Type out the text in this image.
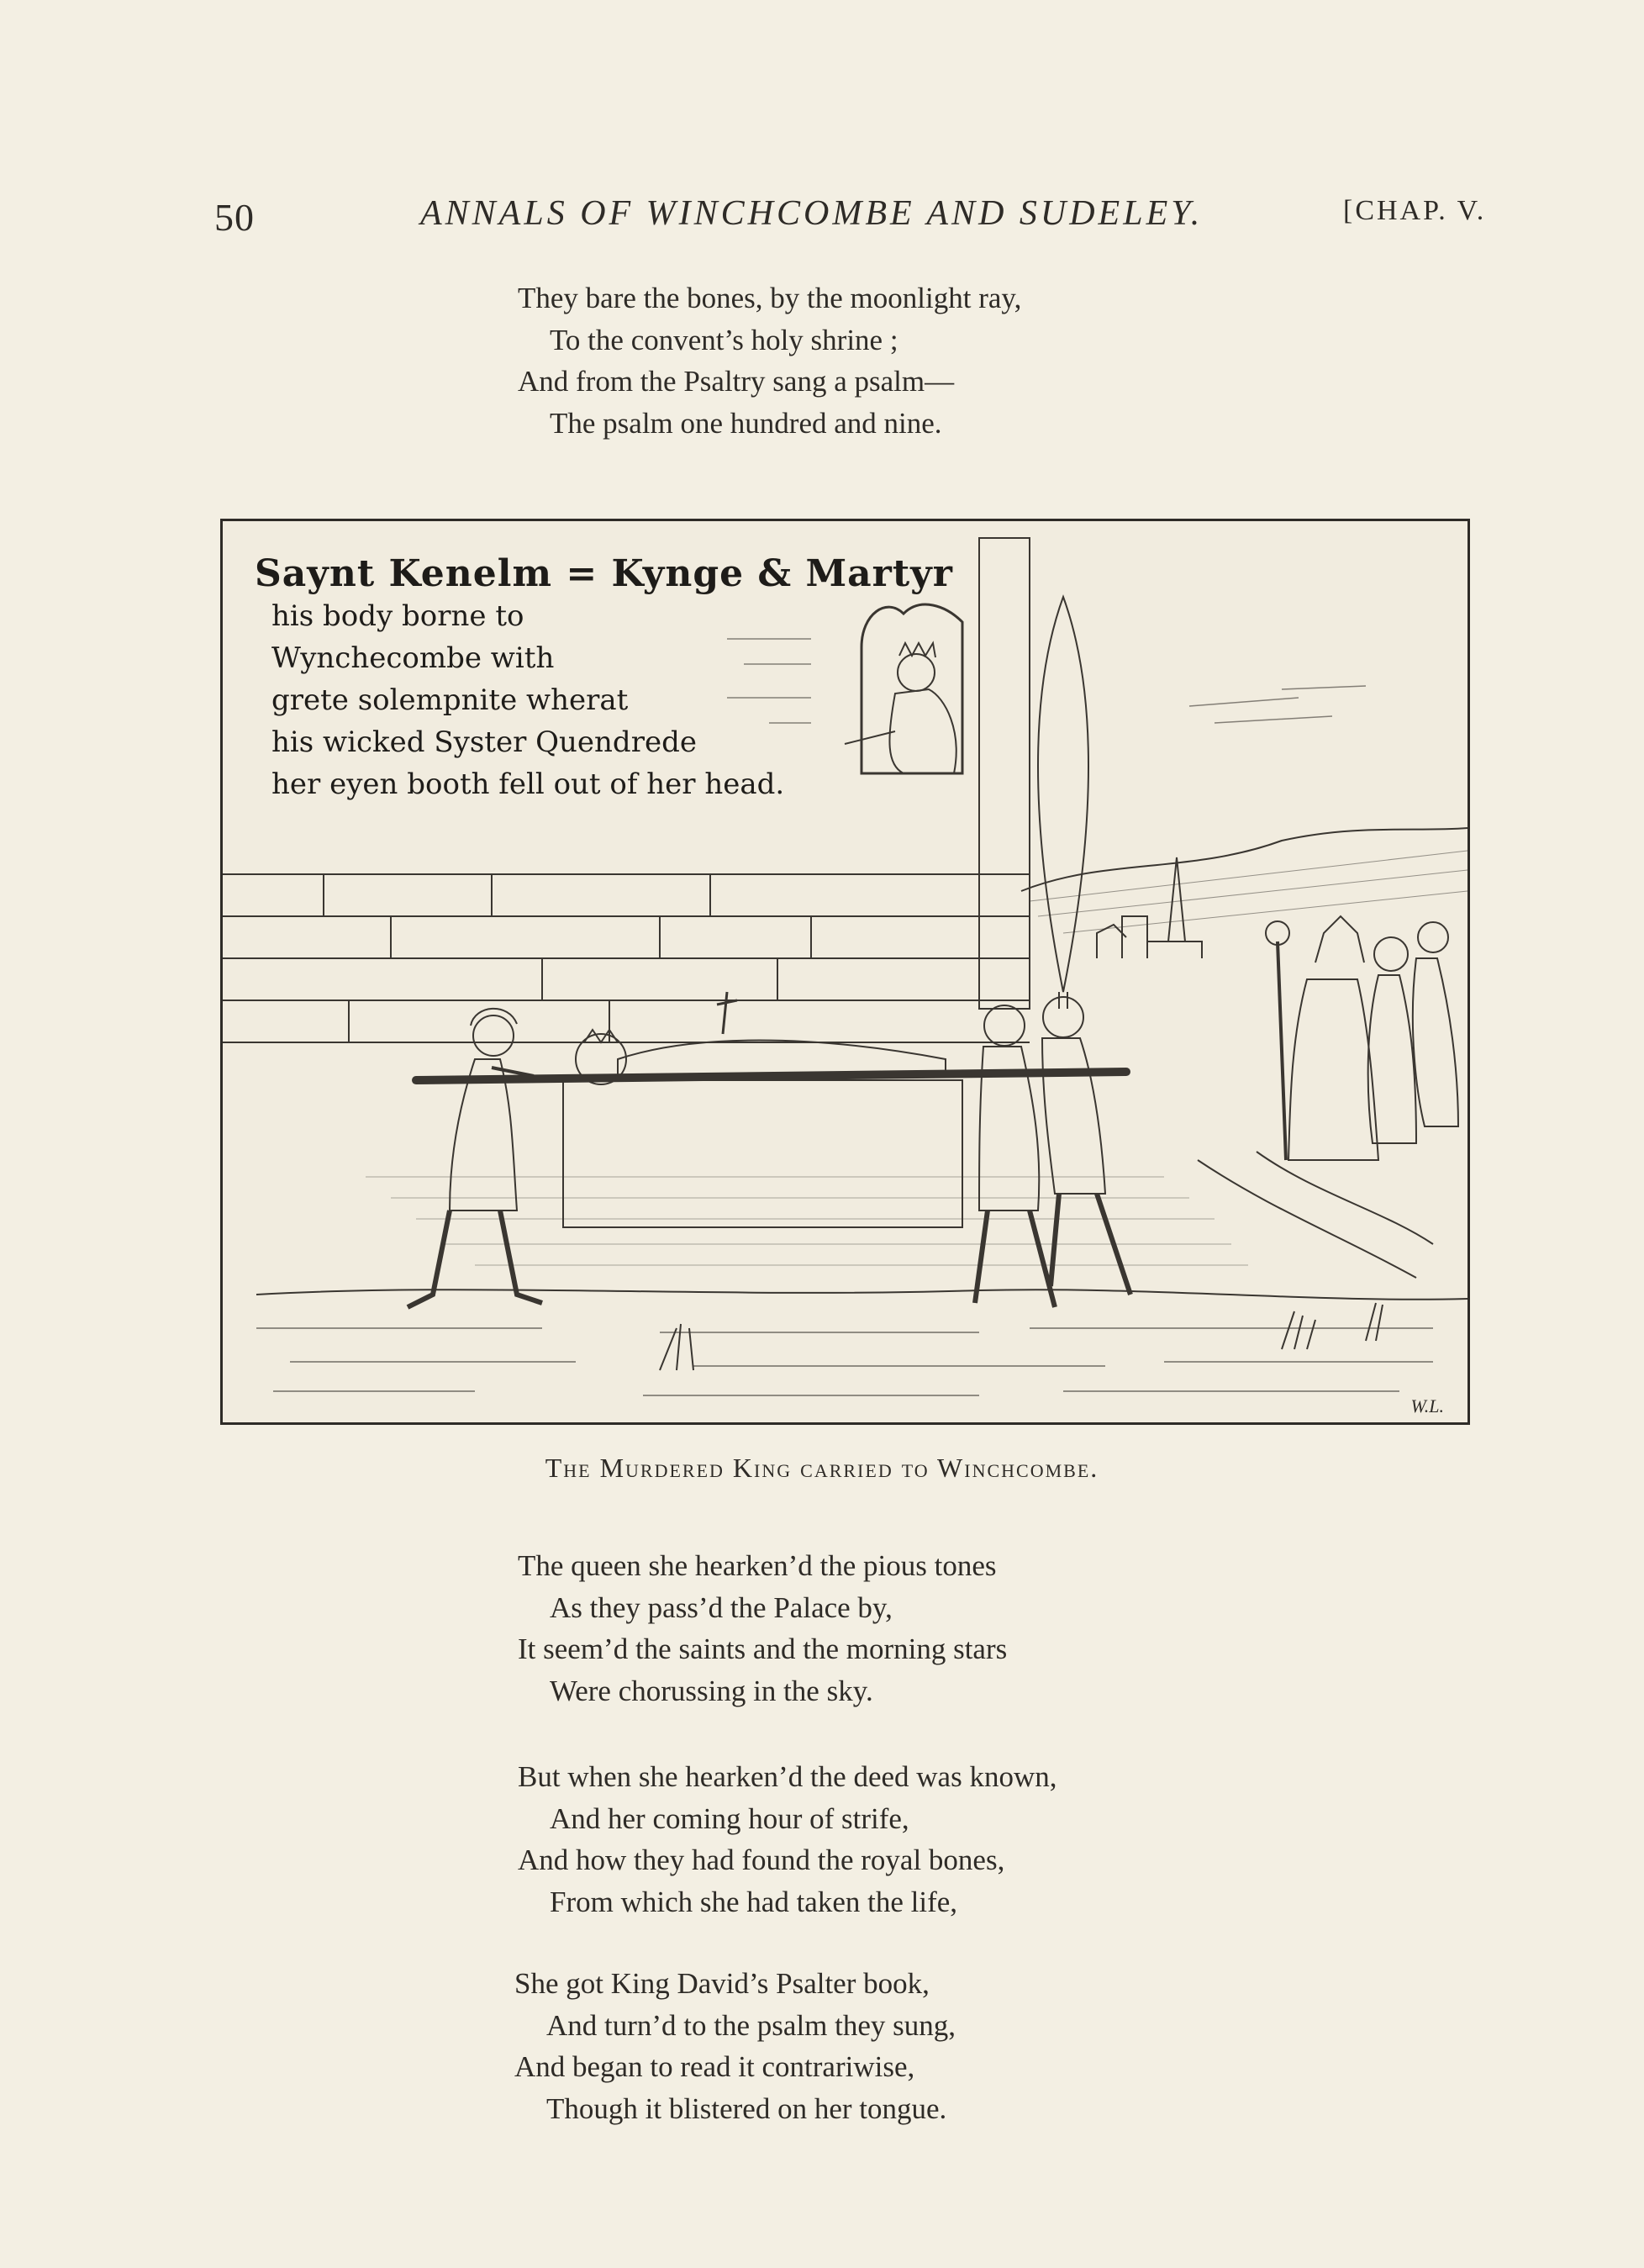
50	ANNALS OF WINCHCOMBE AND SUDELEY.	[CHAP. V.
They bare the bones, by the moonlight ray,
To the convent’s holy shrine ;
And from the Psaltry sang a psalm—
The psalm one hundred and nine.
Saynt Kenelm = Kynge & Martyr
his body borne to
Wynchecombe with
grete solempnite wherat
his wicked Syster Quendrede
her eyen booth fell out of her head.
W.L.
The Murdered King carried to Winchcombe.
The queen she hearken’d the pious tones
As they pass’d the Palace by,
It seem’d the saints and the morning stars
Were chorussing in the sky.
But when she hearken’d the deed was known,
And her coming hour of strife,
And how they had found the royal bones,
From which she had taken the life,
She got King David’s Psalter book,
And turn’d to the psalm they sung,
And began to read it contrariwise,
Though it blistered on her tongue.
